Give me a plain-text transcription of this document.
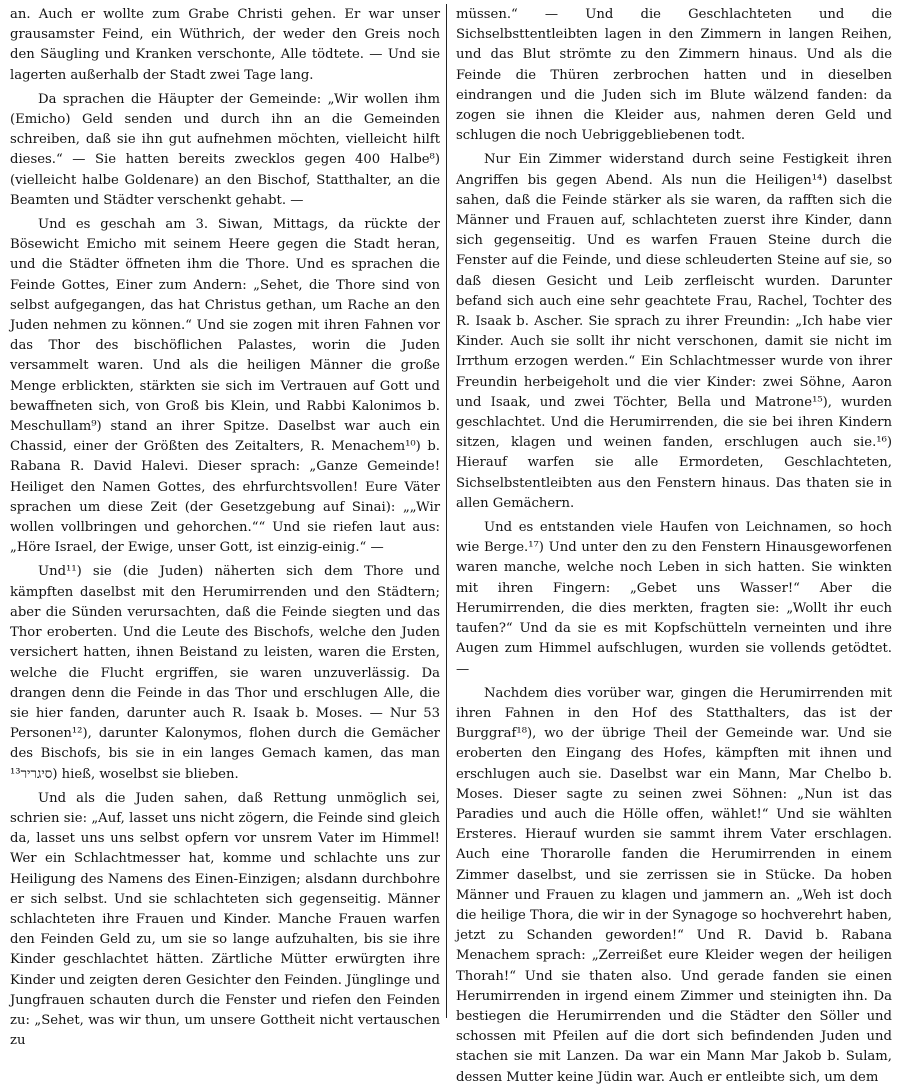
an. Auch er wollte zum Grabe Christi gehen. Er war unser grausamster Feind, ein Wüthrich, der weder den Greis noch den Säugling und Kranken verschonte, Alle tödtete. — Und sie lagerten außerhalb der Stadt zwei Tage lang.

Da sprachen die Häupter der Gemeinde: „Wir wollen ihm (Emicho) Geld senden und durch ihn an die Gemeinden schreiben, daß sie ihn gut aufnehmen möchten, vielleicht hilft dieses.“ — Sie hatten bereits zwecklos gegen 400 Halbe⁸) (vielleicht halbe Goldenare) an den Bischof, Statthalter, an die Beamten und Städter verschenkt gehabt. —

Und es geschah am 3. Siwan, Mittags, da rückte der Bösewicht Emicho mit seinem Heere gegen die Stadt heran, und die Städter öffneten ihm die Thore. Und es sprachen die Feinde Gottes, Einer zum Andern: „Sehet, die Thore sind von selbst aufgegangen, das hat Christus gethan, um Rache an den Juden nehmen zu können.“ Und sie zogen mit ihren Fahnen vor das Thor des bischöflichen Palastes, worin die Juden versammelt waren. Und als die heiligen Männer die große Menge erblickten, stärkten sie sich im Vertrauen auf Gott und bewaffneten sich, von Groß bis Klein, und Rabbi Kalonimos b. Meschullam⁹) stand an ihrer Spitze. Daselbst war auch ein Chassid, einer der Größten des Zeitalters, R. Menachem¹⁰) b. Rabana R. David Halevi. Dieser sprach: „Ganze Gemeinde! Heiliget den Namen Gottes, des ehrfurchtsvollen! Eure Väter sprachen um diese Zeit (der Gesetzgebung auf Sinai): „„Wir wollen vollbringen und gehorchen.““ Und sie riefen laut aus: „Höre Israel, der Ewige, unser Gott, ist einzig-einig.“ —

Und¹¹) sie (die Juden) näherten sich dem Thore und kämpften daselbst mit den Herumirrenden und den Städtern; aber die Sünden verursachten, daß die Feinde siegten und das Thor eroberten. Und die Leute des Bischofs, welche den Juden versichert hatten, ihnen Beistand zu leisten, waren die Ersten, welche die Flucht ergriffen, sie waren unzuverlässig. Da drangen denn die Feinde in das Thor und erschlugen Alle, die sie hier fanden, darunter auch R. Isaak b. Moses. — Nur 53 Personen¹²), darunter Kalonymos, flohen durch die Gemächer des Bischofs, bis sie in ein langes Gemach kamen, das man סיגריר¹³) hieß, woselbst sie blieben.

Und als die Juden sahen, daß Rettung unmöglich sei, schrien sie: „Auf, lasset uns nicht zögern, die Feinde sind gleich da, lasset uns uns selbst opfern vor unsrem Vater im Himmel! Wer ein Schlachtmesser hat, komme und schlachte uns zur Heiligung des Namens des Einen-Einzigen; alsdann durchbohre er sich selbst. Und sie schlachteten sich gegenseitig. Männer schlachteten ihre Frauen und Kinder. Manche Frauen warfen den Feinden Geld zu, um sie so lange aufzuhalten, bis sie ihre Kinder geschlachtet hätten. Zärtliche Mütter erwürgten ihre Kinder und zeigten deren Gesichter den Feinden. Jünglinge und Jungfrauen schauten durch die Fenster und riefen den Feinden zu: „Sehet, was wir thun, um unsere Gottheit nicht vertauschen zu

müssen.“ — Und die Geschlachteten und die Sichselbsttentleibten lagen in den Zimmern in langen Reihen, und das Blut strömte zu den Zimmern hinaus. Und als die Feinde die Thüren zerbrochen hatten und in dieselben eindrangen und die Juden sich im Blute wälzend fanden: da zogen sie ihnen die Kleider aus, nahmen deren Geld und schlugen die noch Uebriggebliebenen todt.

Nur Ein Zimmer widerstand durch seine Festigkeit ihren Angriffen bis gegen Abend. Als nun die Heiligen¹⁴) daselbst sahen, daß die Feinde stärker als sie waren, da rafften sich die Männer und Frauen auf, schlachteten zuerst ihre Kinder, dann sich gegenseitig. Und es warfen Frauen Steine durch die Fenster auf die Feinde, und diese schleuderten Steine auf sie, so daß diesen Gesicht und Leib zerfleischt wurden. Darunter befand sich auch eine sehr geachtete Frau, Rachel, Tochter des R. Isaak b. Ascher. Sie sprach zu ihrer Freundin: „Ich habe vier Kinder. Auch sie sollt ihr nicht verschonen, damit sie nicht im Irrthum erzogen werden.“ Ein Schlachtmesser wurde von ihrer Freundin herbeigeholt und die vier Kinder: zwei Söhne, Aaron und Isaak, und zwei Töchter, Bella und Matrone¹⁵), wurden geschlachtet. Und die Herumirrenden, die sie bei ihren Kindern sitzen, klagen und weinen fanden, erschlugen auch sie.¹⁶) Hierauf warfen sie alle Ermordeten, Geschlachteten, Sichselbstentleibten aus den Fenstern hinaus. Das thaten sie in allen Gemächern.

Und es entstanden viele Haufen von Leichnamen, so hoch wie Berge.¹⁷) Und unter den zu den Fenstern Hinausgeworfenen waren manche, welche noch Leben in sich hatten. Sie winkten mit ihren Fingern: „Gebet uns Wasser!“ Aber die Herumirrenden, die dies merkten, fragten sie: „Wollt ihr euch taufen?“ Und da sie es mit Kopfschütteln verneinten und ihre Augen zum Himmel aufschlugen, wurden sie vollends getödtet. —

Nachdem dies vorüber war, gingen die Herumirrenden mit ihren Fahnen in den Hof des Statthalters, das ist der Burggraf¹⁸), wo der übrige Theil der Gemeinde war. Und sie eroberten den Eingang des Hofes, kämpften mit ihnen und erschlugen auch sie. Daselbst war ein Mann, Mar Chelbo b. Moses. Dieser sagte zu seinen zwei Söhnen: „Nun ist das Paradies und auch die Hölle offen, wählet!“ Und sie wählten Ersteres. Hierauf wurden sie sammt ihrem Vater erschlagen. Auch eine Thorarolle fanden die Herumirrenden in einem Zimmer daselbst, und sie zerrissen sie in Stücke. Da hoben Männer und Frauen zu klagen und jammern an. „Weh ist doch die heilige Thora, die wir in der Synagoge so hochverehrt haben, jetzt zu Schanden geworden!“ Und R. David b. Rabana Menachem sprach: „Zerreißet eure Kleider wegen der heiligen Thorah!“ Und sie thaten also. Und gerade fanden sie einen Herumirrenden in irgend einem Zimmer und steinigten ihn. Da bestiegen die Herumirrenden und die Städter den Söller und schossen mit Pfeilen auf die dort sich befindenden Juden und stachen sie mit Lanzen. Da war ein Mann Mar Jakob b. Sulam, dessen Mutter keine Jüdin war. Auch er entleibte sich, um dem
